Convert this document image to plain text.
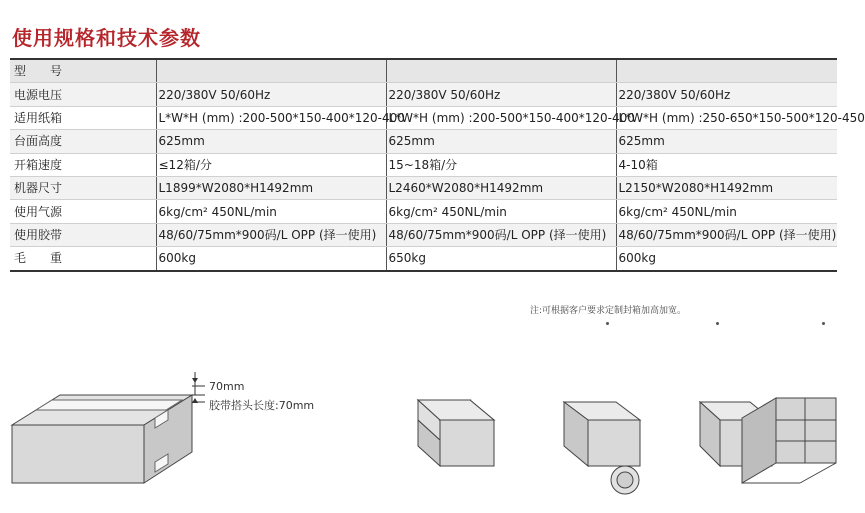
使用规格和技术参数
型　　号			
电源电压	220/380V 50/60Hz	220/380V 50/60Hz	220/380V 50/60Hz
适用纸箱	L*W*H (mm) :200-500*150-400*120-400	L*W*H (mm) :200-500*150-400*120-400	L*W*H (mm) :250-650*150-500*120-450
台面高度	625mm	625mm	625mm
开箱速度	≤12箱/分	15~18箱/分	4-10箱
机器尺寸	L1899*W2080*H1492mm	L2460*W2080*H1492mm	L2150*W2080*H1492mm
使用气源	6kg/cm² 450NL/min	6kg/cm² 450NL/min	6kg/cm² 450NL/min
使用胶带	48/60/75mm*900码/L OPP (择一使用)	48/60/75mm*900码/L OPP (择一使用)	48/60/75mm*900码/L OPP (择一使用)
毛　　重	600kg	650kg	600kg
注:可根据客户要求定制封箱加高加宽。
70mm
胶带搭头长度:70mm
